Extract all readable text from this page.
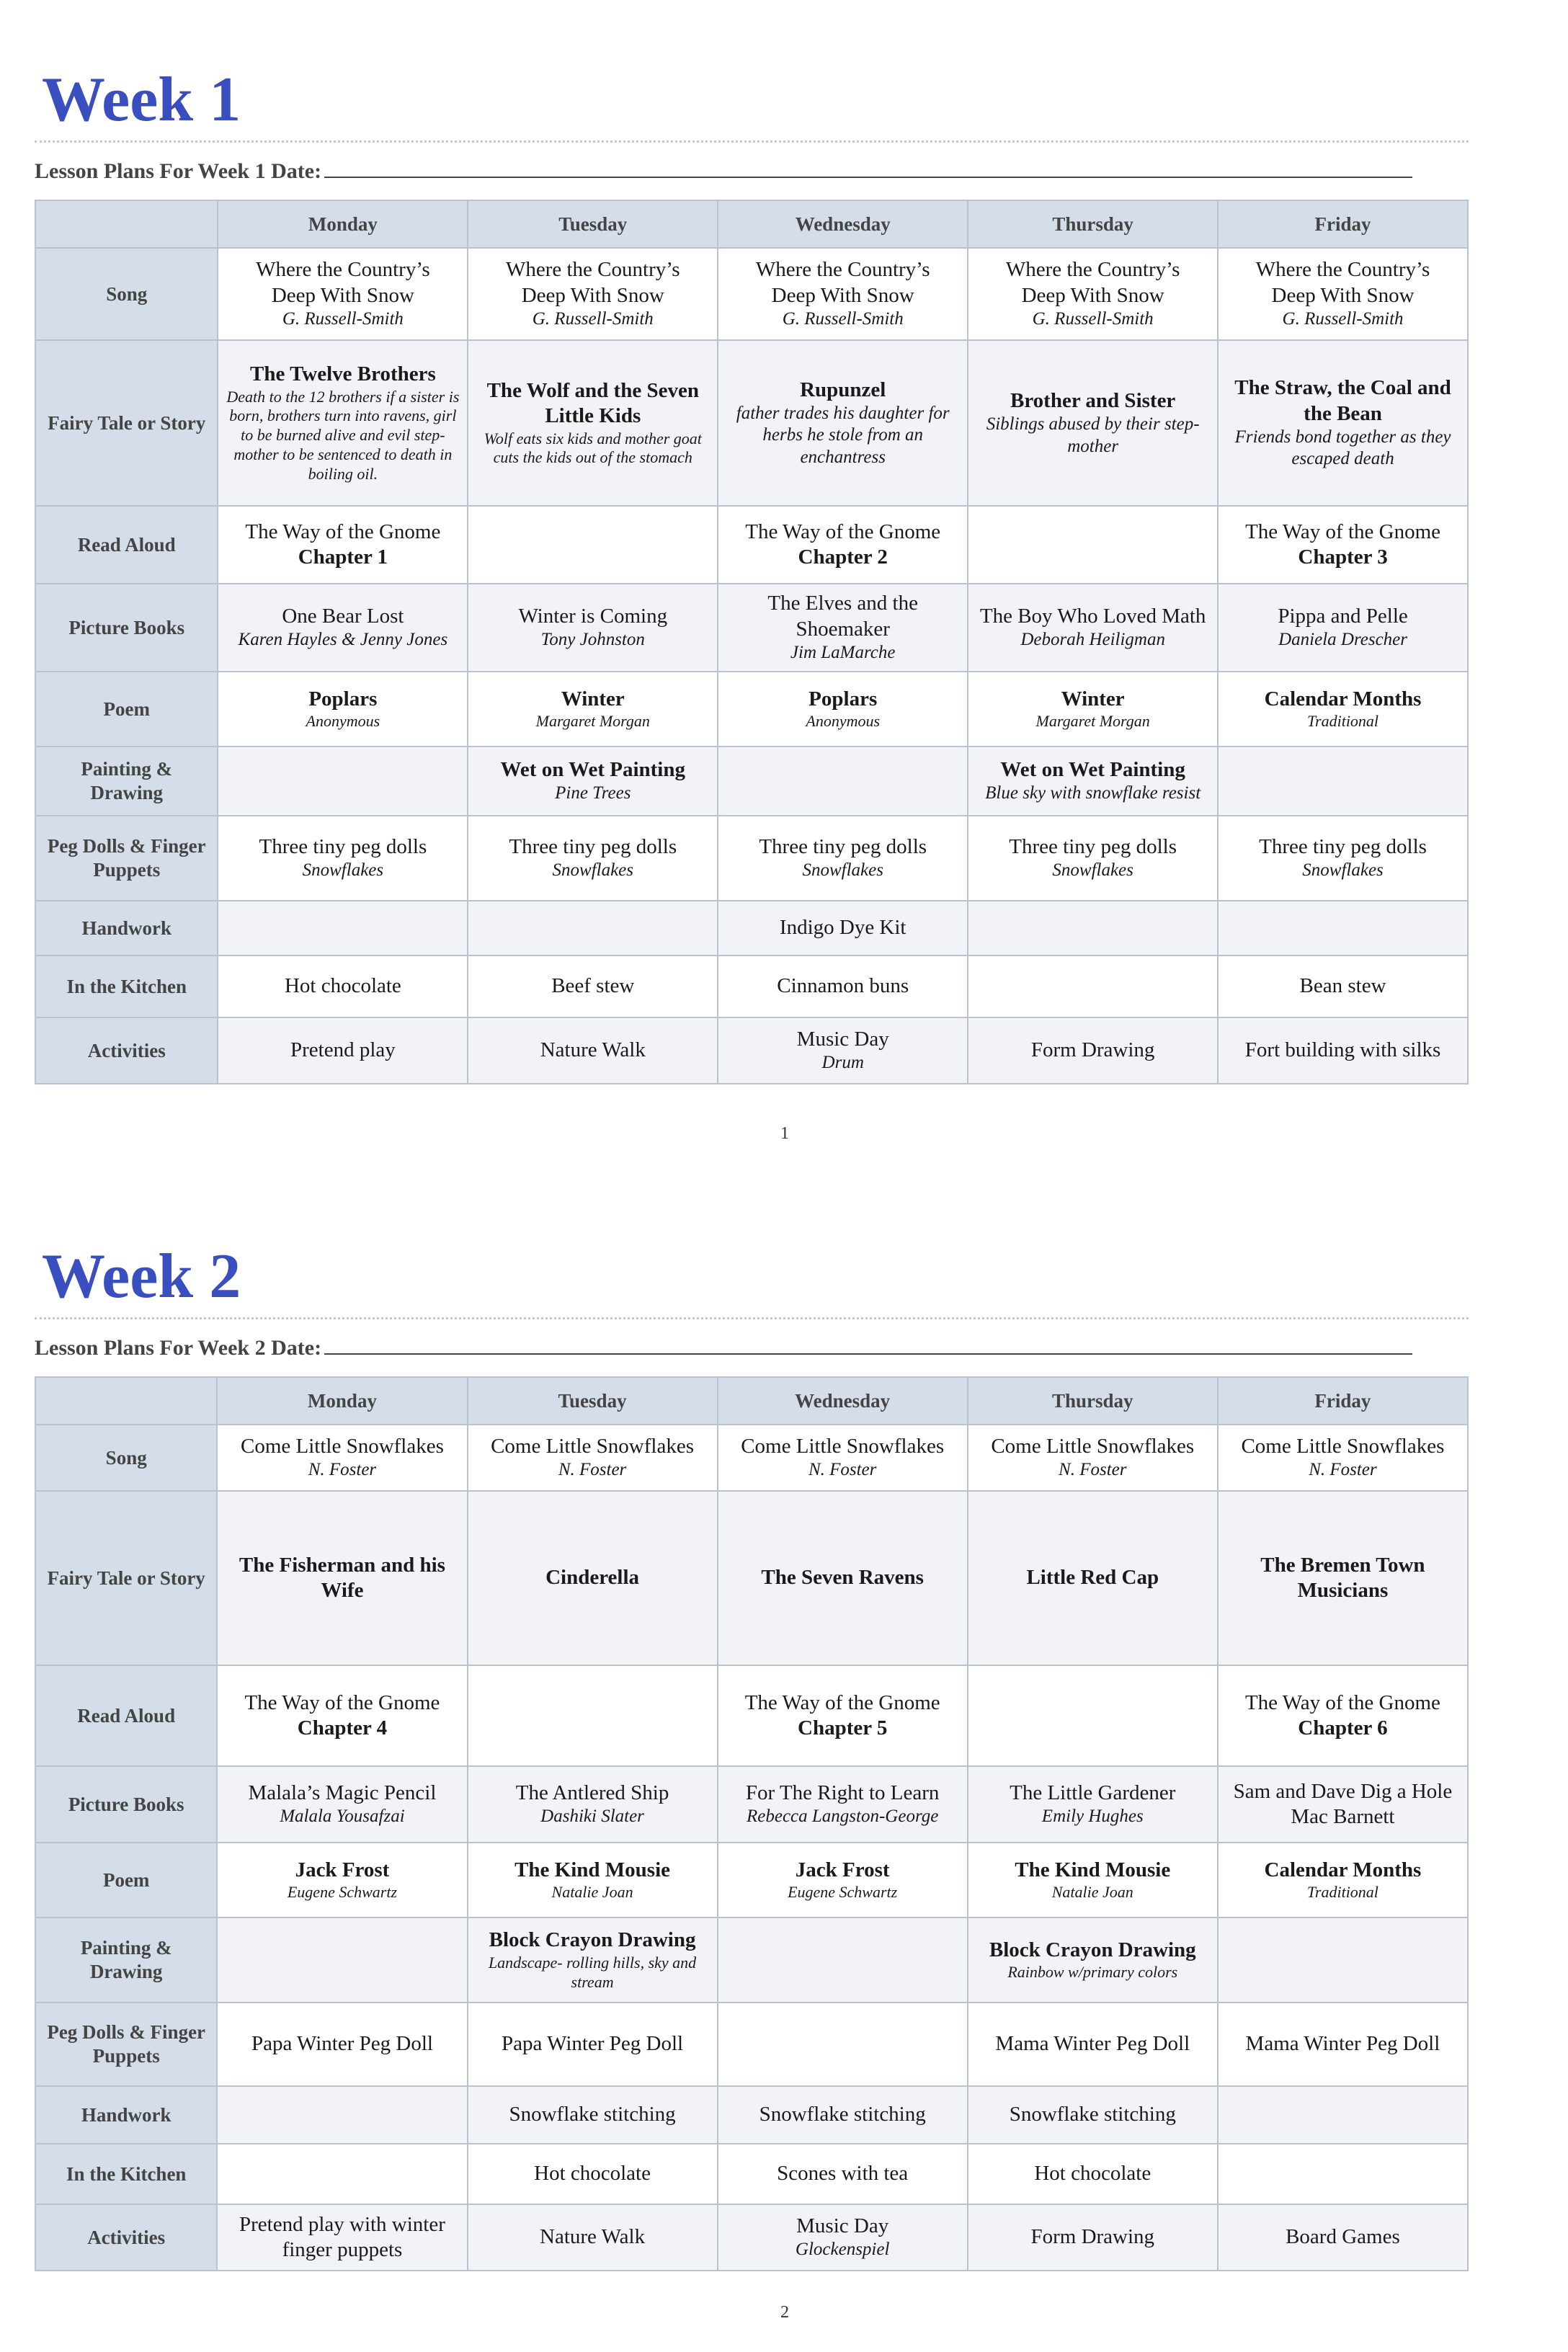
Week 1
Lesson Plans For Week 1 Date:
	Monday	Tuesday	Wednesday	Thursday	Friday
Song	Where the Country’s
Deep With Snow
G. Russell-Smith	Where the Country’s
Deep With Snow
G. Russell-Smith	Where the Country’s
Deep With Snow
G. Russell-Smith	Where the Country’s
Deep With Snow
G. Russell-Smith	Where the Country’s
Deep With Snow
G. Russell-Smith

Fairy Tale or Story	The Twelve Brothers
Death to the 12 brothers if a sister is born, brothers turn into ravens, girl to be burned alive and evil step-mother to be sentenced to death in boiling oil.	The Wolf and the Seven Little Kids
Wolf eats six kids and mother goat cuts the kids out of the stomach	Rupunzel
father trades his daughter for herbs he stole from an enchantress	Brother and Sister
Siblings abused by their step-mother	The Straw, the Coal and the Bean
Friends bond together as they escaped death

Read Aloud	The Way of the Gnome
Chapter 1		The Way of the Gnome
Chapter 2		The Way of the Gnome
Chapter 3

Picture Books	One Bear Lost
Karen Hayles & Jenny Jones	Winter is Coming
Tony Johnston	The Elves and the Shoemaker
Jim LaMarche	The Boy Who Loved Math
Deborah Heiligman	Pippa and Pelle
Daniela Drescher

Poem	Poplars
Anonymous	Winter
Margaret Morgan	Poplars
Anonymous	Winter
Margaret Morgan	Calendar Months
Traditional

Painting & Drawing		Wet on Wet Painting
Pine Trees		Wet on Wet Painting
Blue sky with snowflake resist	

Peg Dolls & Finger Puppets	Three tiny peg dolls
Snowflakes	Three tiny peg dolls
Snowflakes	Three tiny peg dolls
Snowflakes	Three tiny peg dolls
Snowflakes	Three tiny peg dolls
Snowflakes

Handwork			Indigo Dye Kit		

In the Kitchen	Hot chocolate	Beef stew	Cinnamon buns		Bean stew

Activities	Pretend play	Nature Walk	Music Day
Drum	Form Drawing	Fort building with silks
1
Week 2
Lesson Plans For Week 2 Date:
	Monday	Tuesday	Wednesday	Thursday	Friday
Song	Come Little Snowflakes
N. Foster	Come Little Snowflakes
N. Foster	Come Little Snowflakes
N. Foster	Come Little Snowflakes
N. Foster	Come Little Snowflakes
N. Foster

Fairy Tale or Story	The Fisherman and his Wife	Cinderella	The Seven Ravens	Little Red Cap	The Bremen Town Musicians

Read Aloud	The Way of the Gnome
Chapter 4		The Way of the Gnome
Chapter 5		The Way of the Gnome
Chapter 6

Picture Books	Malala’s Magic Pencil
Malala Yousafzai	The Antlered Ship
Dashiki Slater	For The Right to Learn
Rebecca Langston-George	The Little Gardener
Emily Hughes	Sam and Dave Dig a Hole
Mac Barnett

Poem	Jack Frost
Eugene Schwartz	The Kind Mousie
Natalie Joan	Jack Frost
Eugene Schwartz	The Kind Mousie
Natalie Joan	Calendar Months
Traditional

Painting & Drawing		Block Crayon Drawing
Landscape- rolling hills, sky and stream		Block Crayon Drawing
Rainbow w/primary colors	

Peg Dolls & Finger Puppets	Papa Winter Peg Doll	Papa Winter Peg Doll		Mama Winter Peg Doll	Mama Winter Peg Doll

Handwork		Snowflake stitching	Snowflake stitching	Snowflake stitching	

In the Kitchen		Hot chocolate	Scones with tea	Hot chocolate	

Activities	Pretend play with winter finger puppets	Nature Walk	Music Day
Glockenspiel	Form Drawing	Board Games
2
